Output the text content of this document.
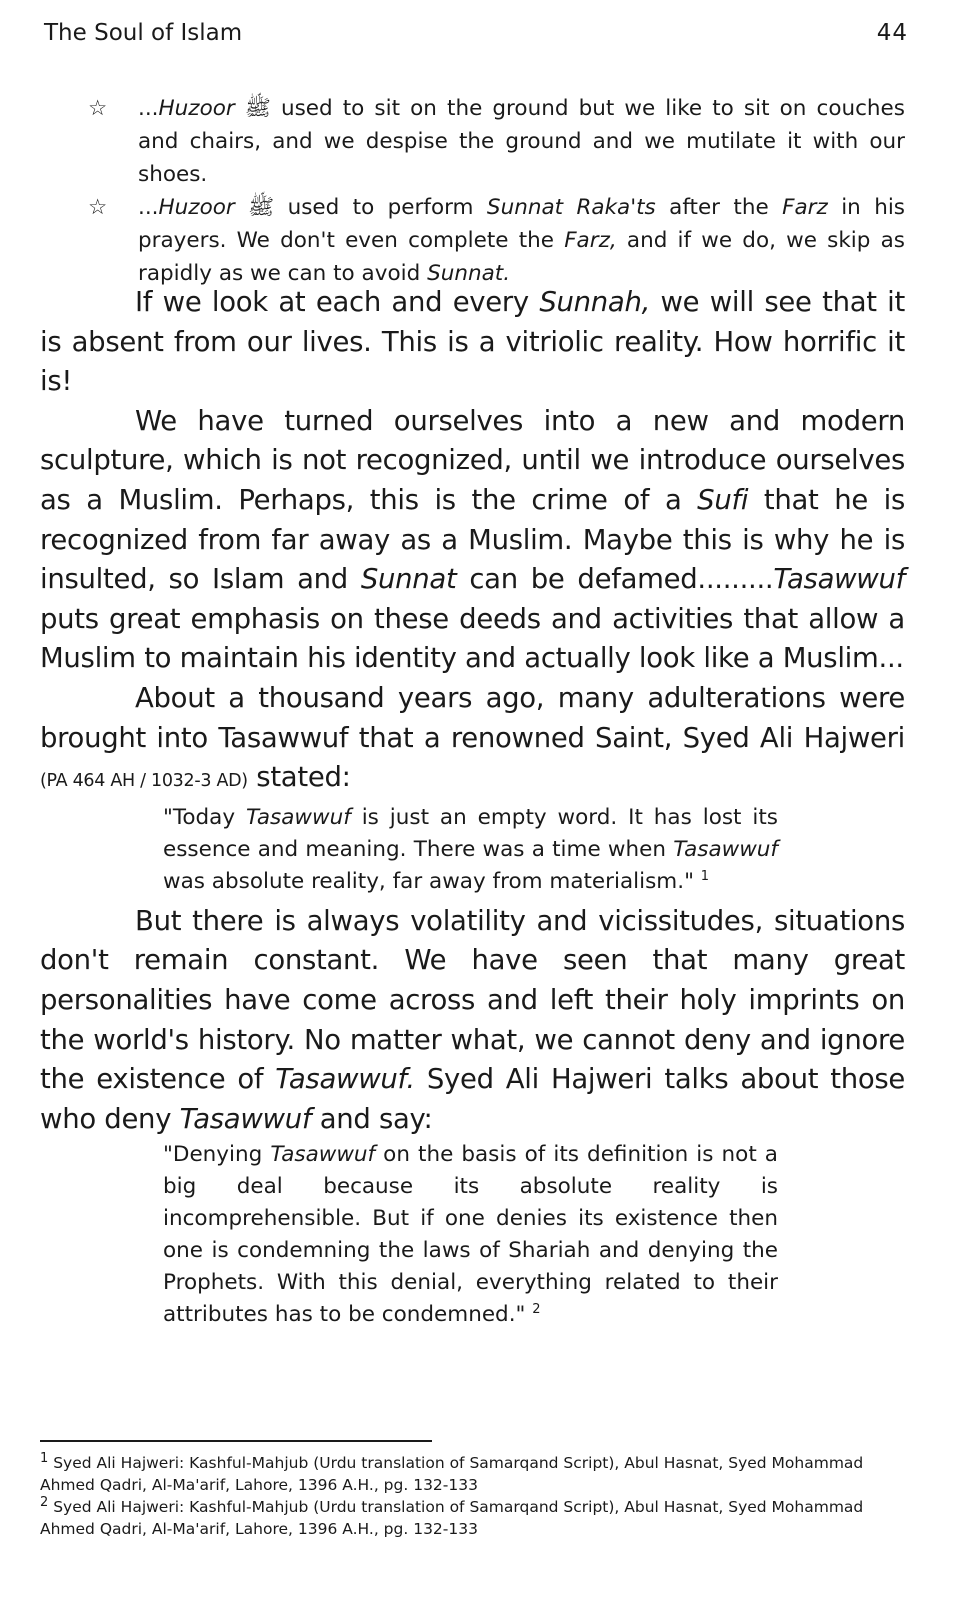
The Soul of Islam	44
☆ ...Huzoor ﷺ used to sit on the ground but we like to sit on couches and chairs, and we despise the ground and we mutilate it with our shoes.
☆ ...Huzoor ﷺ used to perform Sunnat Raka'ts after the Farz in his prayers. We don't even complete the Farz, and if we do, we skip as rapidly as we can to avoid Sunnat.

If we look at each and every Sunnah, we will see that it is absent from our lives. This is a vitriolic reality. How horrific it is!

We have turned ourselves into a new and modern sculpture, which is not recognized, until we introduce ourselves as a Muslim. Perhaps, this is the crime of a Sufi that he is recognized from far away as a Muslim. Maybe this is why he is insulted, so Islam and Sunnat can be defamed.........Tasawwuf puts great emphasis on these deeds and activities that allow a Muslim to maintain his identity and actually look like a Muslim...

About a thousand years ago, many adulterations were brought into Tasawwuf that a renowned Saint, Syed Ali Hajweri (PA 464 AH / 1032-3 AD) stated:

"Today Tasawwuf is just an empty word. It has lost its essence and meaning. There was a time when Tasawwuf was absolute reality, far away from materialism." $^1$

But there is always volatility and vicissitudes, situations don't remain constant. We have seen that many great personalities have come across and left their holy imprints on the world's history. No matter what, we cannot deny and ignore the existence of Tasawwuf. Syed Ali Hajweri talks about those who deny Tasawwuf and say:

"Denying Tasawwuf on the basis of its definition is not a big deal because its absolute reality is incomprehensible. But if one denies its existence then one is condemning the laws of Shariah and denying the Prophets. With this denial, everything related to their attributes has to be condemned." $^2$

$^1$ Syed Ali Hajweri: Kashful-Mahjub (Urdu translation of Samarqand Script), Abul Hasnat, Syed Mohammad Ahmed Qadri, Al-Ma'arif, Lahore, 1396 A.H., pg. 132-133

$^2$ Syed Ali Hajweri: Kashful-Mahjub (Urdu translation of Samarqand Script), Abul Hasnat, Syed Mohammad Ahmed Qadri, Al-Ma'arif, Lahore, 1396 A.H., pg. 132-133
